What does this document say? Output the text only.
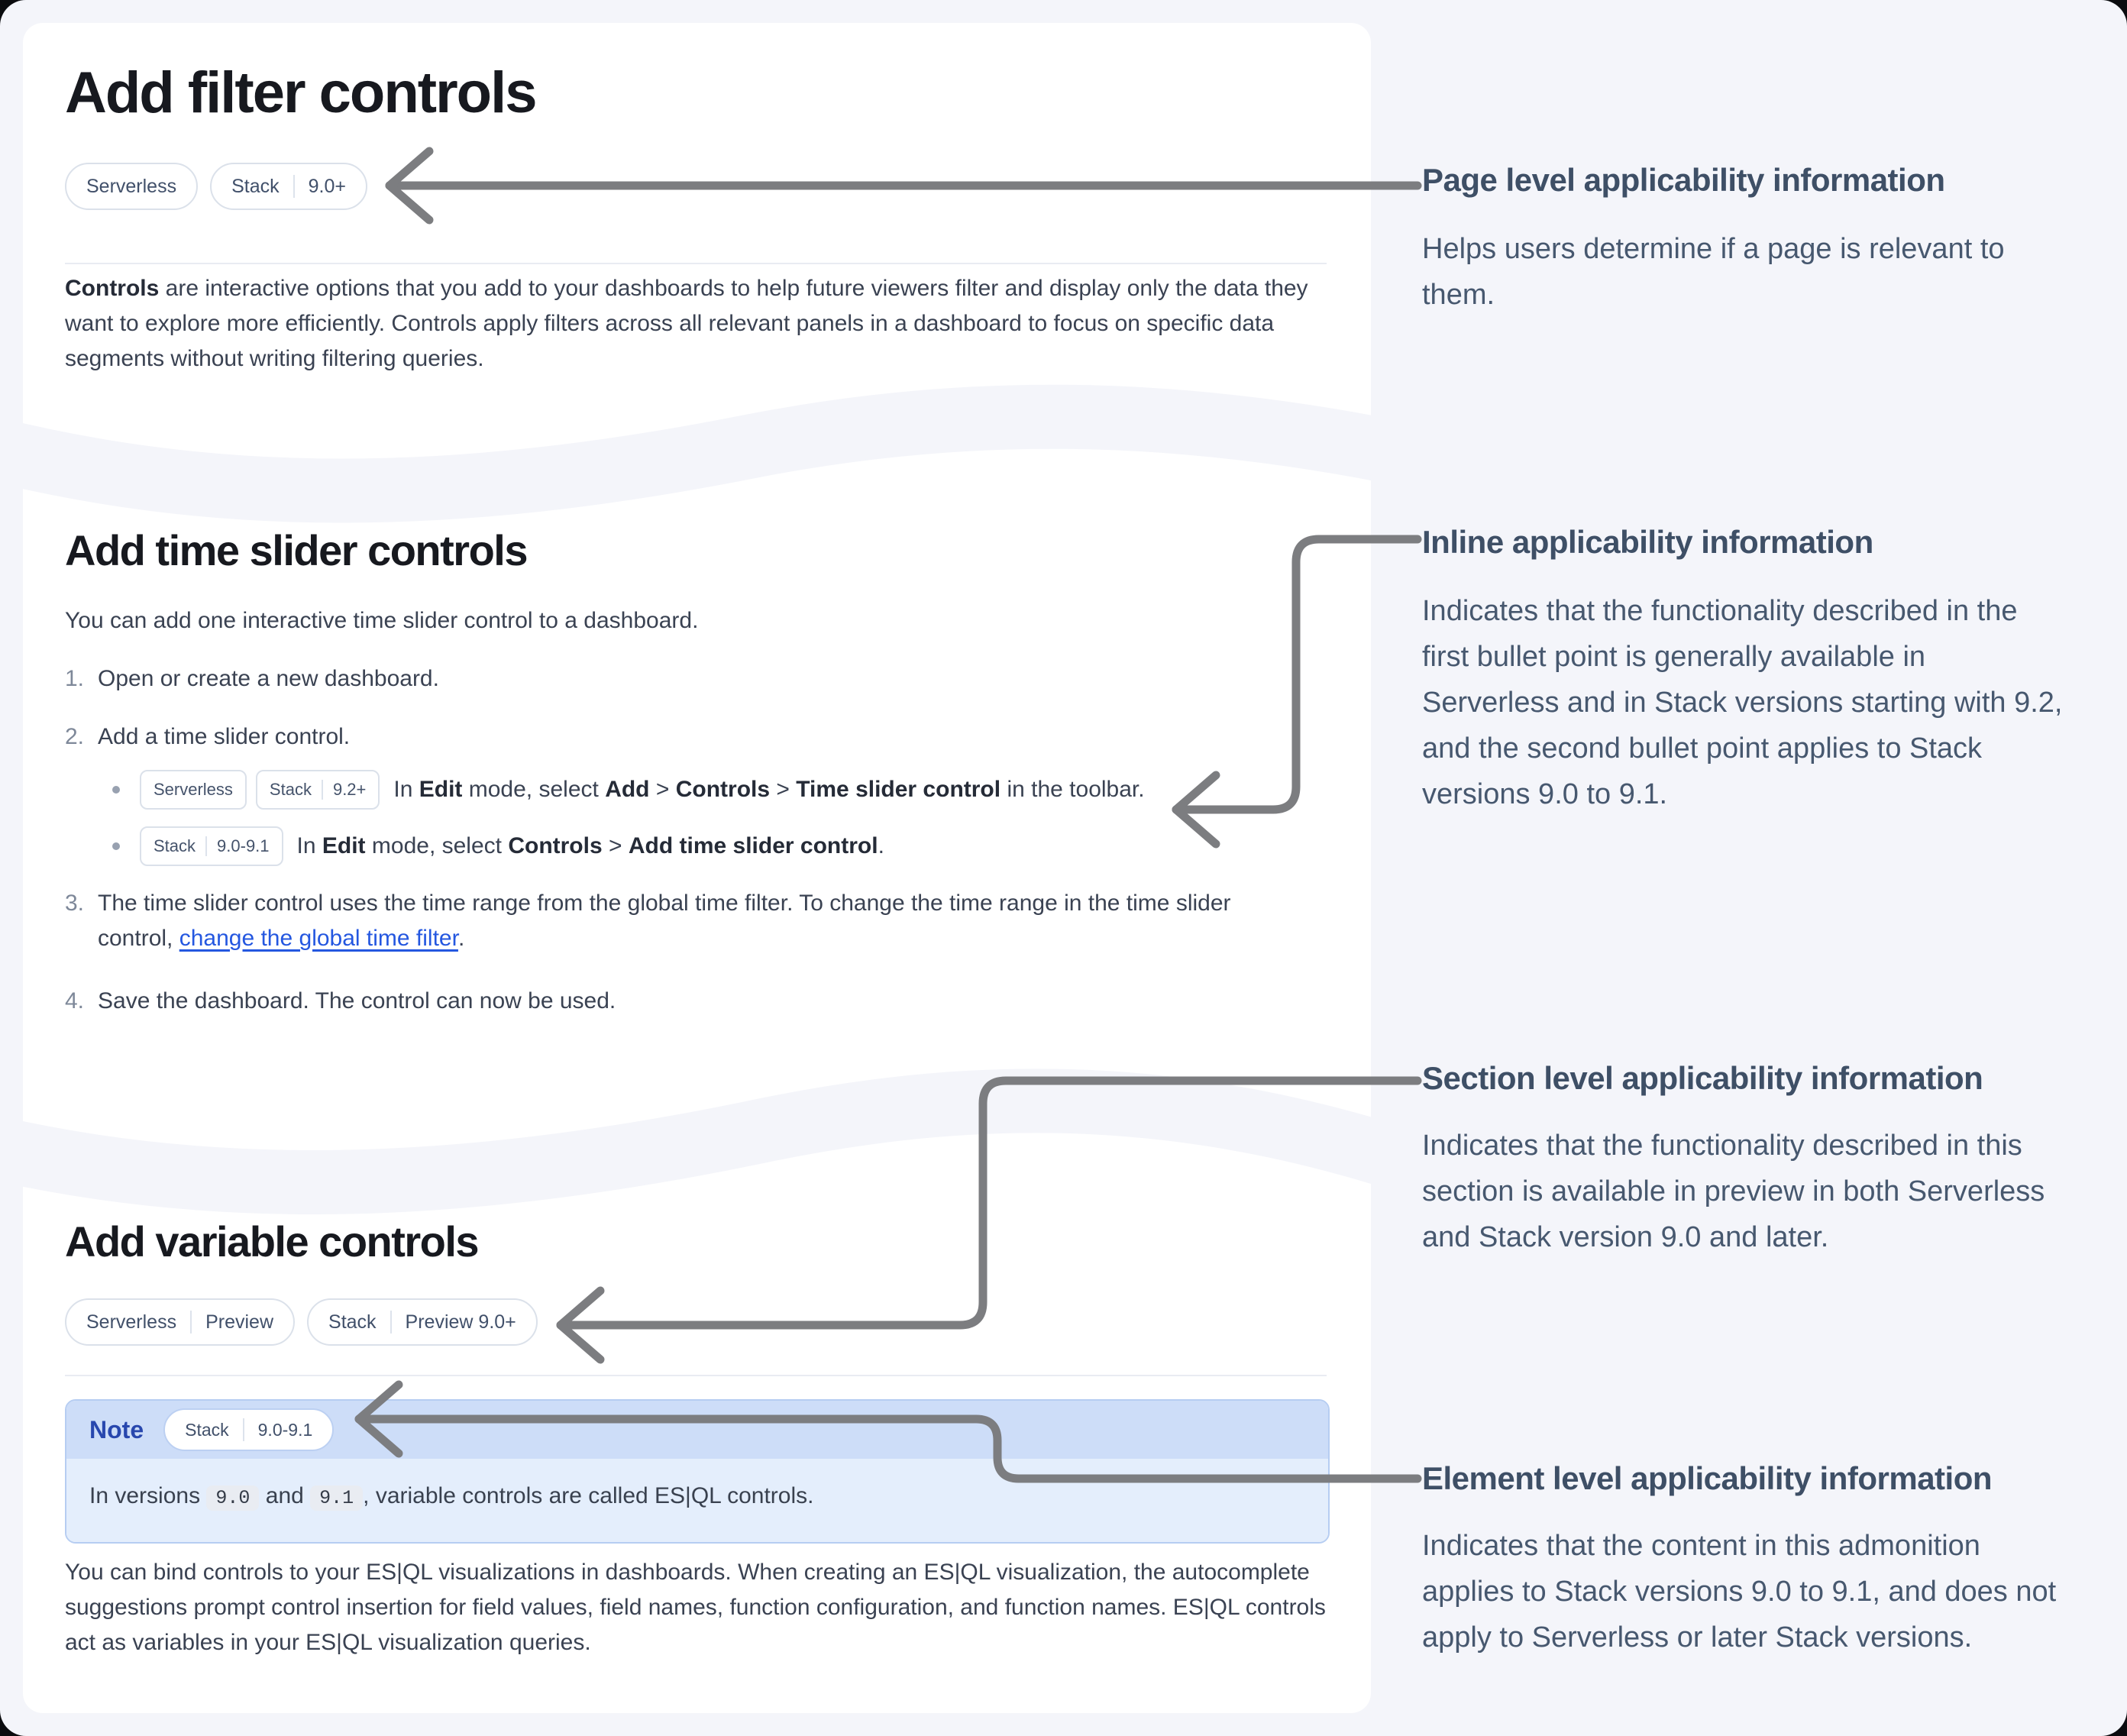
Add filter controls
Serverless	Stack 9.0+
Controls are interactive options that you add to your dashboards to help future viewers filter and display only the data they want to explore more efficiently. Controls apply filters across all relevant panels in a dashboard to focus on specific data segments without writing filtering queries.
Add time slider controls
You can add one interactive time slider control to a dashboard.
1. Open or create a new dashboard.
2. Add a time slider control.
Serverless Stack 9.2+ In Edit mode, select Add > Controls > Time slider control in the toolbar.
Stack 9.0-9.1 In Edit mode, select Controls > Add time slider control.
3. The time slider control uses the time range from the global time filter. To change the time range in the time slider control, change the global time filter.
4. Save the dashboard. The control can now be used.
Add variable controls
Serverless Preview	Stack Preview 9.0+
Note Stack 9.0-9.1
In versions 9.0 and 9.1 , variable controls are called ES|QL controls.
You can bind controls to your ES|QL visualizations in dashboards. When creating an ES|QL visualization, the autocomplete suggestions prompt control insertion for field values, field names, function configuration, and function names. ES|QL controls act as variables in your ES|QL visualization queries.
Page level applicability information
Helps users determine if a page is relevant to them.
Inline applicability information
Indicates that the functionality described in the first bullet point is generally available in Serverless and in Stack versions starting with 9.2, and the second bullet point applies to Stack versions 9.0 to 9.1.
Section level applicability information
Indicates that the functionality described in this section is available in preview in both Serverless and Stack version 9.0 and later.
Element level applicability information
Indicates that the content in this admonition applies to Stack versions 9.0 to 9.1, and does not apply to Serverless or later Stack versions.
